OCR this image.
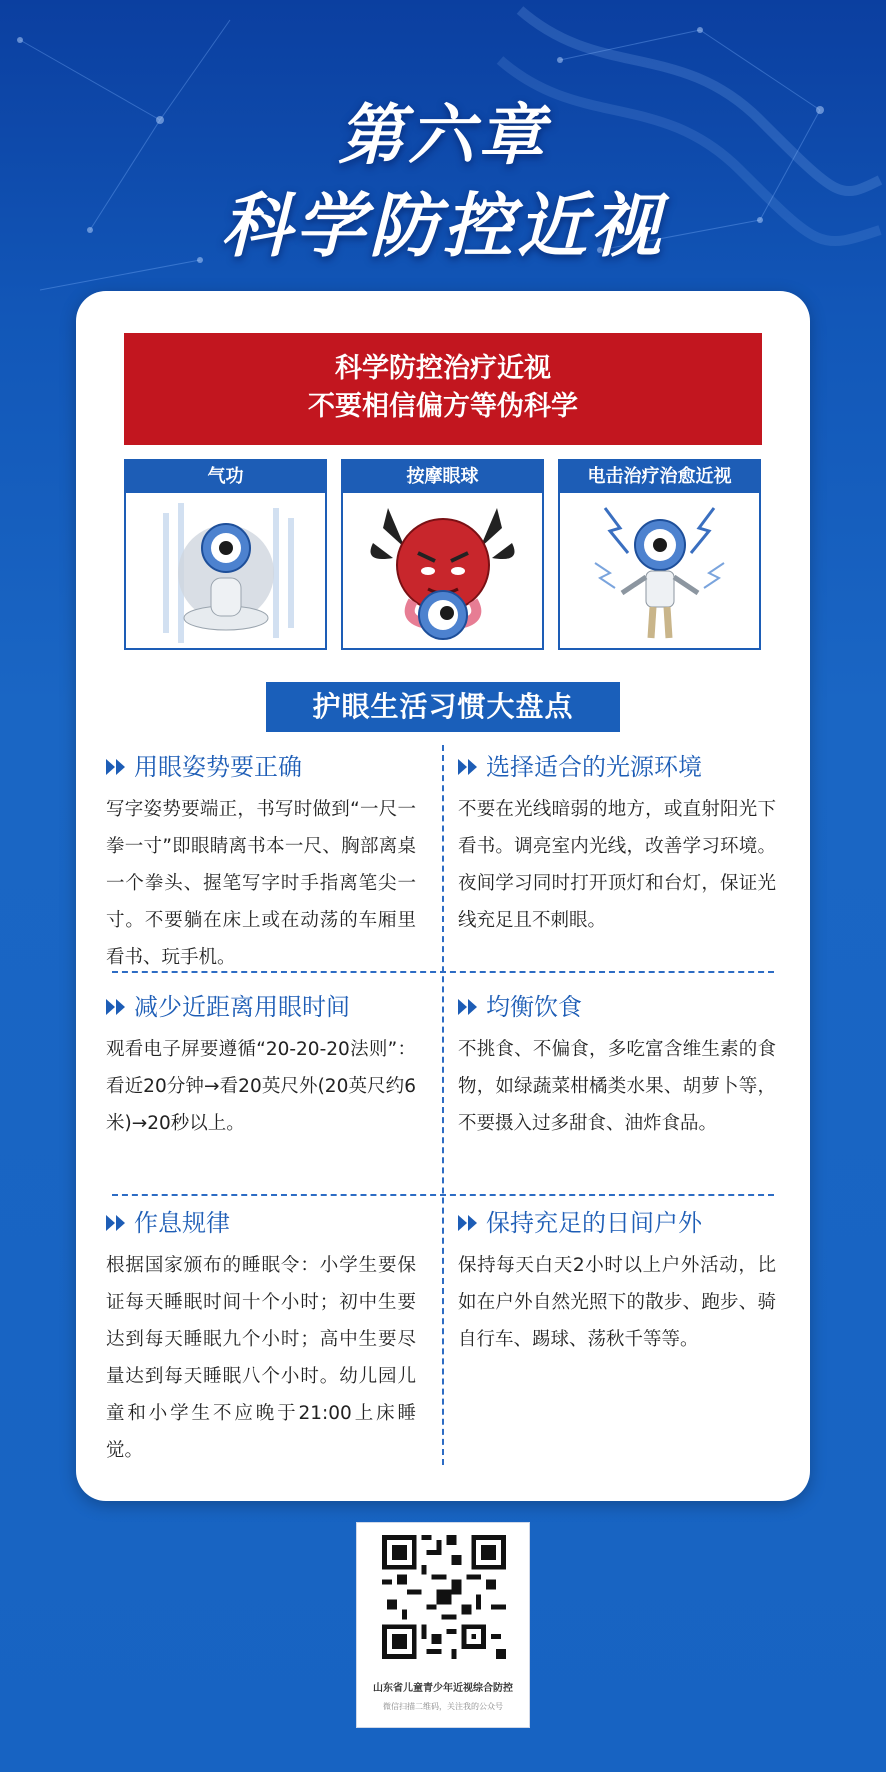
第六章
科学防控近视
科学防控治疗近视
不要相信偏方等伪科学
气功	按摩眼球	电击治疗治愈近视
护眼生活习惯大盘点
用眼姿势要正确
写字姿势要端正，书写时做到“一尺一拳一寸”即眼睛离书本一尺、胸部离桌一个拳头、握笔写字时手指离笔尖一寸。不要躺在床上或在动荡的车厢里看书、玩手机。
选择适合的光源环境
不要在光线暗弱的地方，或直射阳光下看书。调亮室内光线，改善学习环境。夜间学习同时打开顶灯和台灯，保证光线充足且不刺眼。
减少近距离用眼时间
观看电子屏要遵循“20-20-20法则”：看近20分钟→看20英尺外(20英尺约6米)→20秒以上。
均衡饮食
不挑食、不偏食，多吃富含维生素的食物，如绿蔬菜柑橘类水果、胡萝卜等，不要摄入过多甜食、油炸食品。
作息规律
根据国家颁布的睡眠令：小学生要保证每天睡眠时间十个小时；初中生要达到每天睡眠九个小时；高中生要尽量达到每天睡眠八个小时。幼儿园儿童和小学生不应晚于21:00上床睡觉。
保持充足的日间户外
保持每天白天2小时以上户外活动，比如在户外自然光照下的散步、跑步、骑自行车、踢球、荡秋千等等。
山东省儿童青少年近视综合防控
微信扫描二维码，关注我的公众号
